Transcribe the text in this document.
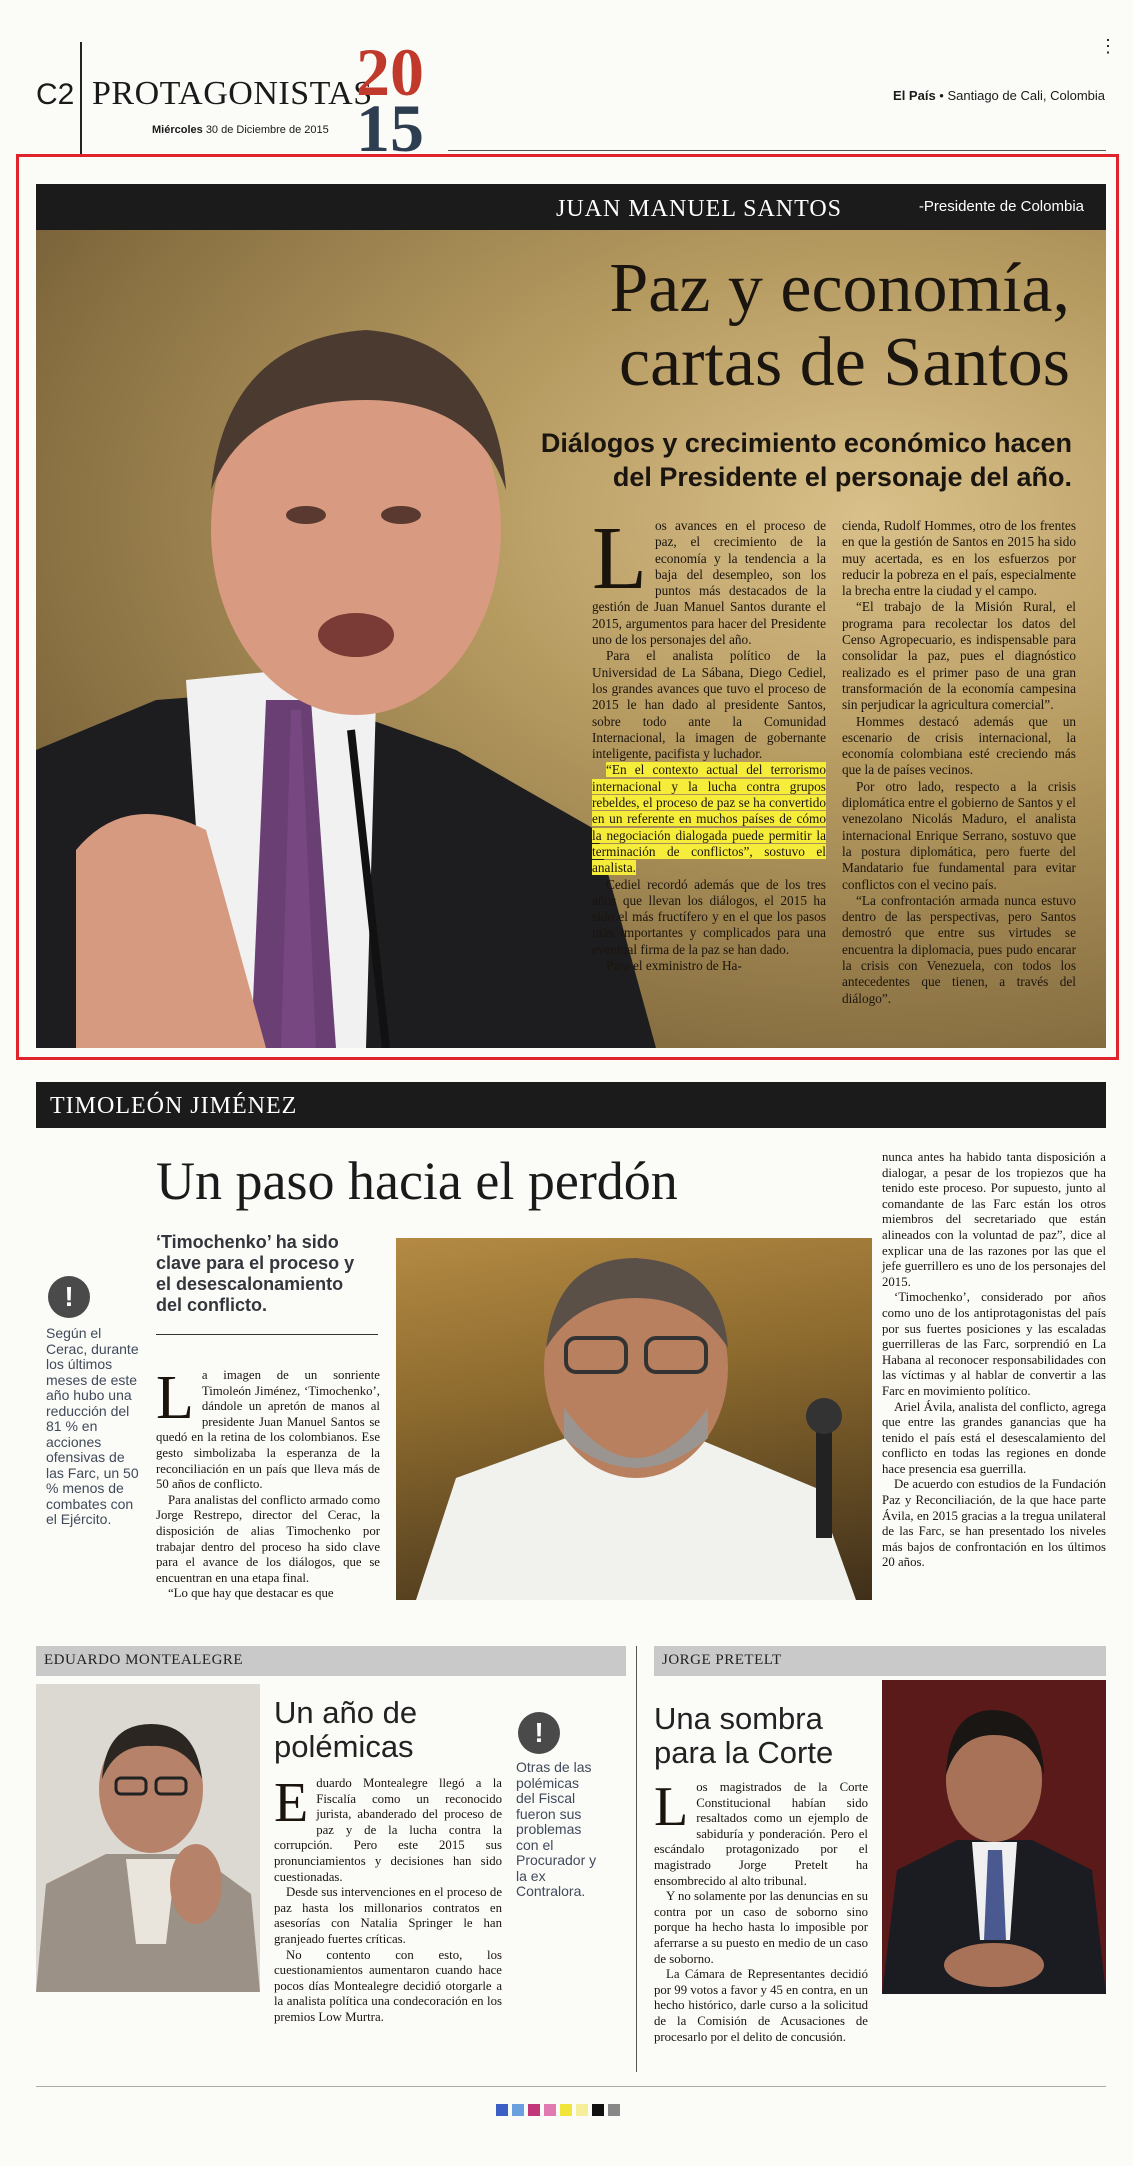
C2 PROTAGONISTAS
Miércoles 30 de Diciembre de 2015
20
15	El País • Santiago de Cali, Colombia
⋮
JUAN MANUEL SANTOS	-Presidente de Colombia
Paz y economía,
cartas de Santos
Diálogos y crecimiento económico hacen
del Presidente el personaje del año.
L os avances en el proceso de paz, el crecimiento de la economía y la tendencia a la baja del desempleo, son los puntos más destacados de la gestión de Juan Manuel Santos durante el 2015, argumentos para hacer del Presidente uno de los personajes del año.

Para el analista político de la Universidad de La Sábana, Diego Cediel, los grandes avances que tuvo el proceso de 2015 le han dado al presidente Santos, sobre todo ante la Comunidad Internacional, la imagen de gobernante inteligente, pacifista y luchador.

“En el contexto actual del terrorismo internacional y la lucha contra grupos rebeldes, el proceso de paz se ha convertido en un referente en muchos países de cómo la negociación dialogada puede permitir la terminación de conflictos”, sostuvo el analista.

Cediel recordó además que de los tres años que llevan los diálogos, el 2015 ha sido el más fructífero y en el que los pasos más importantes y complicados para una eventual firma de la paz se han dado.

Para el exministro de Ha-

cienda, Rudolf Hommes, otro de los frentes en que la gestión de Santos en 2015 ha sido muy acertada, es en los esfuerzos por reducir la pobreza en el país, especialmente la brecha entre la ciudad y el campo.

“El trabajo de la Misión Rural, el programa para recolectar los datos del Censo Agropecuario, es indispensable para consolidar la paz, pues el diagnóstico realizado es el primer paso de una gran transformación de la economía campesina sin perjudicar la agricultura comercial”.

Hommes destacó además que un escenario de crisis internacional, la economía colombiana esté creciendo más que la de países vecinos.

Por otro lado, respecto a la crisis diplomática entre el gobierno de Santos y el venezolano Nicolás Maduro, el analista internacional Enrique Serrano, sostuvo que la postura diplomática, pero fuerte del Mandatario fue fundamental para evitar conflictos con el vecino país.

“La confrontación armada nunca estuvo dentro de las perspectivas, pero Santos demostró que entre sus virtudes se encuentra la diplomacia, pues pudo encarar la crisis con Venezuela, con todos los antecedentes que tienen, a través del diálogo”.

TIMOLEÓN JIMÉNEZ
Un paso hacia el perdón
‘Timochenko’ ha sido clave para el proceso y el desescalonamiento del conflicto.
!
Según el Cerac, durante los últimos meses de este año hubo una reducción del 81 % en acciones ofensivas de las Farc, un 50 % menos de combates con el Ejército.
L a imagen de un sonriente Timoleón Jiménez, ‘Timochenko’, dándole un apretón de manos al presidente Juan Manuel Santos se quedó en la retina de los colombianos. Ese gesto simbolizaba la esperanza de la reconciliación en un país que lleva más de 50 años de conflicto.

Para analistas del conflicto armado como Jorge Restrepo, director del Cerac, la disposición de alias Timochenko por trabajar dentro del proceso ha sido clave para el avance de los diálogos, que se encuentran en una etapa final.

“Lo que hay que destacar es que

nunca antes ha habido tanta disposición a dialogar, a pesar de los tropiezos que ha tenido este proceso. Por supuesto, junto al comandante de las Farc están los otros miembros del secretariado que están alineados con la voluntad de paz”, dice al explicar una de las razones por las que el jefe guerrillero es uno de los personajes del 2015.

‘Timochenko’, considerado por años como uno de los antiprotagonistas del país por sus fuertes posiciones y las escaladas guerrilleras de las Farc, sorprendió en La Habana al reconocer responsabilidades con las víctimas y al hablar de convertir a las Farc en movimiento político.

Ariel Ávila, analista del conflicto, agrega que entre las grandes ganancias que ha tenido el país está el desescalamiento del conflicto en todas las regiones en donde hace presencia esa guerrilla.

De acuerdo con estudios de la Fundación Paz y Reconciliación, de la que hace parte Ávila, en 2015 gracias a la tregua unilateral de las Farc, se han presentado los niveles más bajos de confrontación en los últimos 20 años.

EDUARDO MONTEALEGRE
Un año de
polémicas
E duardo Montealegre llegó a la Fiscalía como un reconocido jurista, abanderado del proceso de paz y de la lucha contra la corrupción. Pero este 2015 sus pronunciamientos y decisiones han sido cuestionadas.

Desde sus intervenciones en el proceso de paz hasta los millonarios contratos en asesorías con Natalia Springer le han granjeado fuertes críticas.

No contento con esto, los cuestionamientos aumentaron cuando hace pocos días Montealegre decidió otorgarle a la analista política una condecoración en los premios Low Murtra.

!
Otras de las polémicas del Fiscal fueron sus problemas con el Procurador y la ex Contralora.
JORGE PRETELT
Una sombra
para la Corte
L os magistrados de la Corte Constitucional habían sido resaltados como un ejemplo de sabiduría y ponderación. Pero el escándalo protagonizado por el magistrado Jorge Pretelt ha ensombrecido al alto tribunal.

Y no solamente por las denuncias en su contra por un caso de soborno sino porque ha hecho hasta lo imposible por aferrarse a su puesto en medio de un caso de soborno.

La Cámara de Representantes decidió por 99 votos a favor y 45 en contra, en un hecho histórico, darle curso a la solicitud de la Comisión de Acusaciones de procesarlo por el delito de concusión.
